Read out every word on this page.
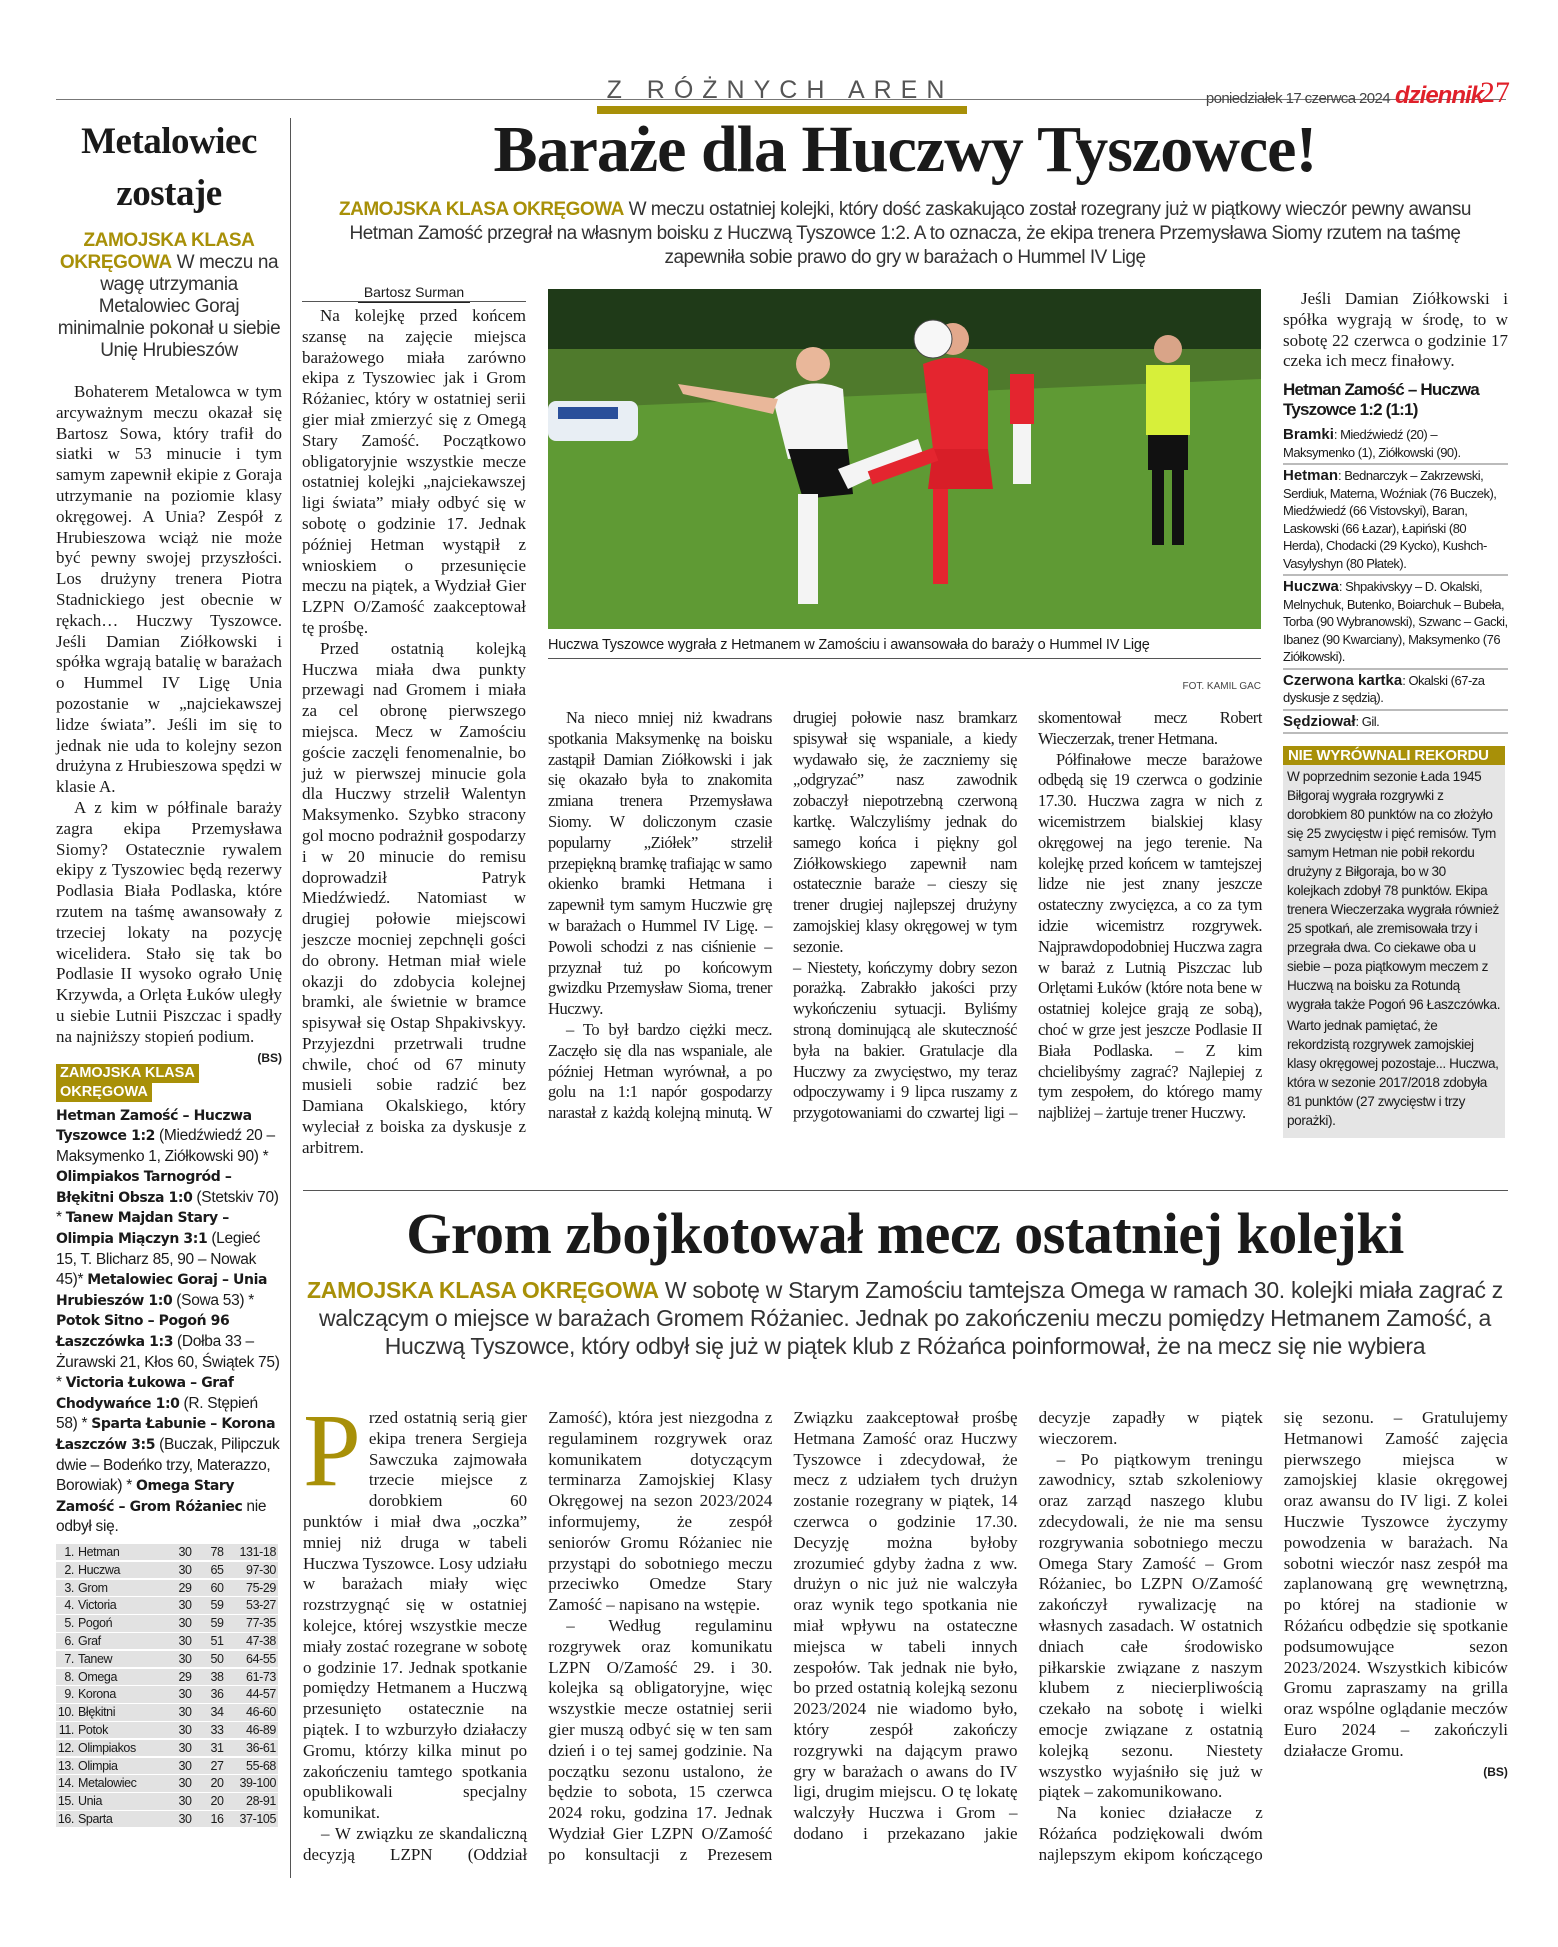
Z RÓŻNYCH AREN	poniedziałek 17 czerwca 2024 dziennik
27
Metalowiec zostaje
ZAMOJSKA KLASA OKRĘGOWA W meczu na wagę utrzymania Metalowiec Goraj minimalnie pokonał u siebie Unię Hrubieszów

Bohaterem Metalowca w tym arcyważnym meczu okazał się Bartosz Sowa, który trafił do siatki w 53 minucie i tym samym zapewnił ekipie z Goraja utrzymanie na poziomie klasy okręgowej. A Unia? Zespół z Hrubieszowa wciąż nie może być pewny swojej przyszłości. Los drużyny trenera Piotra Stadnickiego jest obecnie w rękach… Huczwy Tyszowce. Jeśli Damian Ziółkowski i spółka wgrają batalię w barażach o Hummel IV Ligę Unia pozostanie w „najciekawszej lidze świata”. Jeśli im się to jednak nie uda to kolejny sezon drużyna z Hrubieszowa spędzi w klasie A.

A z kim w półfinale baraży zagra ekipa Przemysława Siomy? Ostatecznie rywalem ekipy z Tyszowiec będą rezerwy Podlasia Biała Podlaska, które rzutem na taśmę awansowały z trzeciej lokaty na pozycję wicelidera. Stało się tak bo Podlasie II wysoko ograło Unię Krzywda, a Orlęta Łuków uległy u siebie Lutnii Piszczac i spadły na najniższy stopień podium.
(BS)

ZAMOJSKA KLASA
OKRĘGOWA
Hetman Zamość – Huczwa Tyszowce 1:2 (Miedźwiedź 20 – Maksymenko 1, Ziółkowski 90) * Olimpiakos Tarnogród – Błękitni Obsza 1:0 (Stetskiv 70) * Tanew Majdan Stary – Olimpia Miączyn 3:1 (Legieć 15, T. Blicharz 85, 90 – Nowak 45)* Metalowiec Goraj – Unia Hrubieszów 1:0 (Sowa 53) * Potok Sitno – Pogoń 96 Łaszczówka 1:3 (Dołba 33 – Żurawski 21, Kłos 60, Świątek 75) * Victoria Łukowa – Graf Chodywańce 1:0 (R. Stępień 58) * Sparta Łabunie – Korona Łaszczów 3:5 (Buczak, Pilipczuk dwie – Bodeńko trzy, Materazzo, Borowiak) * Omega Stary Zamość – Grom Różaniec nie odbył się.
1. Hetman	30	78	131-18
2. Huczwa	30	65	97-30
3. Grom	29	60	75-29
4. Victoria	30	59	53-27
5. Pogoń	30	59	77-35
6. Graf	30	51	47-38
7. Tanew	30	50	64-55
8. Omega	29	38	61-73
9. Korona	30	36	44-57
10. Błękitni	30	34	46-60
11. Potok	30	33	46-89
12. Olimpiakos	30	31	36-61
13. Olimpia	30	27	55-68
14. Metalowiec	30	20	39-100
15. Unia	30	20	28-91
16. Sparta	30	16	37-105
Baraże dla Huczwy Tyszowce!
ZAMOJSKA KLASA OKRĘGOWA W meczu ostatniej kolejki, który dość zaskakująco został rozegrany już w piątkowy wieczór pewny awansu Hetman Zamość przegrał na własnym boisku z Huczwą Tyszowce 1:2. A to oznacza, że ekipa trenera Przemysława Siomy rzutem na taśmę zapewniła sobie prawo do gry w barażach o Hummel IV Ligę
Bartosz Surman

Na kolejkę przed końcem szansę na zajęcie miejsca barażowego miała zarówno ekipa z Tyszowiec jak i Grom Różaniec, który w ostatniej serii gier miał zmierzyć się z Omegą Stary Zamość. Początkowo obligatoryjnie wszystkie mecze ostatniej kolejki „najciekawszej ligi świata” miały odbyć się w sobotę o godzinie 17. Jednak później Hetman wystąpił z wnioskiem o przesunięcie meczu na piątek, a Wydział Gier LZPN O/Zamość zaakceptował tę prośbę.

Przed ostatnią kolejką Huczwa miała dwa punkty przewagi nad Gromem i miała za cel obronę pierwszego miejsca. Mecz w Zamościu goście zaczęli fenomenalnie, bo już w pierwszej minucie gola dla Huczwy strzelił Walentyn Maksymenko. Szybko stracony gol mocno podrażnił gospodarzy i w 20 minucie do remisu doprowadził Patryk Miedźwiedź. Natomiast w drugiej połowie miejscowi jeszcze mocniej zepchnęli gości do obrony. Hetman miał wiele okazji do zdobycia kolejnej bramki, ale świetnie w bramce spisywał się Ostap Shpakivskyy. Przyjezdni przetrwali trudne chwile, choć od 67 minuty musieli sobie radzić bez Damiana Okalskiego, który wyleciał z boiska za dyskusje z arbitrem.

Huczwa Tyszowce wygrała z Hetmanem w Zamościu i awansowała do baraży o Hummel IV Ligę
FOT. KAMIL GAC

Na nieco mniej niż kwadrans spotkania Maksymenkę na boisku zastąpił Damian Ziółkowski i jak się okazało była to znakomita zmiana trenera Przemysława Siomy. W doliczonym czasie popularny „Ziółek” strzelił przepiękną bramkę trafiając w samo okienko bramki Hetmana i zapewnił tym samym Huczwie grę w barażach o Hummel IV Ligę. – Powoli schodzi z nas ciśnienie – przyznał tuż po końcowym gwizdku Przemysław Sioma, trener Huczwy.

– To był bardzo ciężki mecz. Zaczęło się dla nas wspaniale, ale później Hetman wyrównał, a po golu na 1:1 napór gospodarzy narastał z każdą kolejną minutą. W drugiej połowie nasz bramkarz spisywał się wspaniale, a kiedy wydawało się, że zaczniemy się „odgryzać” nasz zawodnik zobaczył niepotrzebną czerwoną kartkę. Walczyliśmy jednak do samego końca i piękny gol Ziółkowskiego zapewnił nam ostatecznie baraże – cieszy się trener drugiej najlepszej drużyny zamojskiej klasy okręgowej w tym sezonie.

– Niestety, kończymy dobry sezon porażką. Zabrakło jakości przy wykończeniu sytuacji. Byliśmy stroną dominującą ale skuteczność była na bakier. Gratulacje dla Huczwy za zwycięstwo, my teraz odpoczywamy i 9 lipca ruszamy z przygotowaniami do czwartej ligi – skomentował mecz Robert Wieczerzak, trener Hetmana.

Półfinałowe mecze barażowe odbędą się 19 czerwca o godzinie 17.30. Huczwa zagra w nich z wicemistrzem bialskiej klasy okręgowej na jego terenie. Na kolejkę przed końcem w tamtejszej lidze nie jest znany jeszcze ostateczny zwycięzca, a co za tym idzie wicemistrz rozgrywek. Najprawdopodobniej Huczwa zagra w baraż z Lutnią Piszczac lub Orlętami Łuków (które nota bene w ostatniej kolejce grają ze sobą), choć w grze jest jeszcze Podlasie II Biała Podlaska. – Z kim chcielibyśmy zagrać? Najlepiej z tym zespołem, do którego mamy najbliżej – żartuje trener Huczwy.

Jeśli Damian Ziółkowski i spółka wygrają w środę, to w sobotę 22 czerwca o godzinie 17 czeka ich mecz finałowy.

Hetman Zamość – Huczwa Tyszowce 1:2 (1:1)
Bramki: Miedźwiedź (20) – Maksymenko (1), Ziółkowski (90).
Hetman: Bednarczyk – Zakrzewski, Serdiuk, Materna, Woźniak (76 Buczek), Miedźwiedź (66 Vistovskyi), Baran, Laskowski (66 Łazar), Łapiński (80 Herda), Chodacki (29 Kycko), Kushch-Vasylyshyn (80 Płatek).
Huczwa: Shpakivskyy – D. Okalski, Melnychuk, Butenko, Boiarchuk – Bubeła, Torba (90 Wybranowski), Szwanc – Gacki, Ibanez (90 Kwarciany), Maksymenko (76 Ziółkowski).
Czerwona kartka: Okalski (67-za dyskusje z sędzią).
Sędziował: Gil.
NIE WYRÓWNALI REKORDU
W poprzednim sezonie Łada 1945 Biłgoraj wygrała rozgrywki z dorobkiem 80 punktów na co złożyło się 25 zwycięstw i pięć remisów. Tym samym Hetman nie pobił rekordu drużyny z Biłgoraja, bo w 30 kolejkach zdobył 78 punktów. Ekipa trenera Wieczerzaka wygrała również 25 spotkań, ale zremisowała trzy i przegrała dwa. Co ciekawe oba u siebie – poza piątkowym meczem z Huczwą na boisku za Rotundą wygrała także Pogoń 96 Łaszczówka.
Warto jednak pamiętać, że rekordzistą rozgrywek zamojskiej klasy okręgowej pozostaje... Huczwa, która w sezonie 2017/2018 zdobyła 81 punktów (27 zwycięstw i trzy porażki).
Grom zbojkotował mecz ostatniej kolejki
ZAMOJSKA KLASA OKRĘGOWA W sobotę w Starym Zamościu tamtejsza Omega w ramach 30. kolejki miała zagrać z walczącym o miejsce w barażach Gromem Różaniec. Jednak po zakończeniu meczu pomiędzy Hetmanem Zamość, a Huczwą Tyszowce, który odbył się już w piątek klub z Różańca poinformował, że na mecz się nie wybiera

Przed ostatnią serią gier ekipa trenera Sergieja Sawczuka zajmowała trzecie miejsce z dorobkiem 60 punktów i miał dwa „oczka” mniej niż druga w tabeli Huczwa Tyszowce. Losy udziału w barażach miały więc rozstrzygnąć się w ostatniej kolejce, której wszystkie mecze miały zostać rozegrane w sobotę o godzinie 17. Jednak spotkanie pomiędzy Hetmanem a Huczwą przesunięto ostatecznie na piątek. I to wzburzyło działaczy Gromu, którzy kilka minut po zakończeniu tamtego spotkania opublikowali specjalny komunikat.

– W związku ze skandaliczną decyzją LZPN (Oddział Zamość), która jest niezgodna z regulaminem rozgrywek oraz komunikatem dotyczącym terminarza Zamojskiej Klasy Okręgowej na sezon 2023/2024 informujemy, że zespół seniorów Gromu Różaniec nie przystąpi do sobotniego meczu przeciwko Omedze Stary Zamość – napisano na wstępie.

– Według regulaminu rozgrywek oraz komunikatu LZPN O/Zamość 29. i 30. kolejka są obligatoryjne, więc wszystkie mecze ostatniej serii gier muszą odbyć się w ten sam dzień i o tej samej godzinie. Na początku sezonu ustalono, że będzie to sobota, 15 czerwca 2024 roku, godzina 17. Jednak Wydział Gier LZPN O/Zamość po konsultacji z Prezesem Związku zaakceptował prośbę Hetmana Zamość oraz Huczwy Tyszowce i zdecydował, że mecz z udziałem tych drużyn zostanie rozegrany w piątek, 14 czerwca o godzinie 17.30. Decyzję można byłoby zrozumieć gdyby żadna z ww. drużyn o nic już nie walczyła oraz wynik tego spotkania nie miał wpływu na ostateczne miejsca w tabeli innych zespołów. Tak jednak nie było, bo przed ostatnią kolejką sezonu 2023/2024 nie wiadomo było, który zespół zakończy rozgrywki na dającym prawo gry w barażach o awans do IV ligi, drugim miejscu. O tę lokatę walczyły Huczwa i Grom – dodano i przekazano jakie decyzje zapadły w piątek wieczorem.

– Po piątkowym treningu zawodnicy, sztab szkoleniowy oraz zarząd naszego klubu zdecydowali, że nie ma sensu rozgrywania sobotniego meczu Omega Stary Zamość – Grom Różaniec, bo LZPN O/Zamość zakończył rywalizację na własnych zasadach. W ostatnich dniach całe środowisko piłkarskie związane z naszym klubem z niecierpliwością czekało na sobotę i wielki emocje związane z ostatnią kolejką sezonu. Niestety wszystko wyjaśniło się już w piątek – zakomunikowano.

Na koniec działacze z Różańca podziękowali dwóm najlepszym ekipom kończącego się sezonu. – Gratulujemy Hetmanowi Zamość zajęcia pierwszego miejsca w zamojskiej klasie okręgowej oraz awansu do IV ligi. Z kolei Huczwie Tyszowce życzymy powodzenia w barażach. Na sobotni wieczór nasz zespół ma zaplanowaną grę wewnętrzną, po której na stadionie w Różańcu odbędzie się spotkanie podsumowujące sezon 2023/2024. Wszystkich kibiców Gromu zapraszamy na grilla oraz wspólne oglądanie meczów Euro 2024 – zakończyli działacze Gromu.

(BS)
